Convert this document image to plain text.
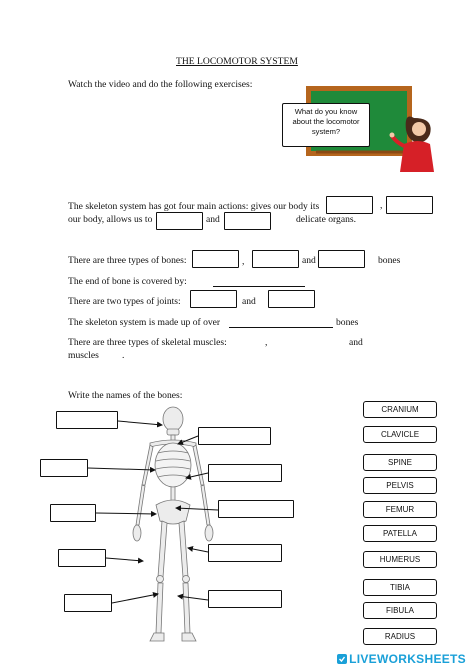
THE LOCOMOTOR SYSTEM
Watch the video and do the following exercises:
What do you know about the locomotor system?
The skeleton system has got four main actions: gives our body its	,
our body, allows us to	and	delicate organs.
There are three types of bones:	,	and	bones
The end of bone is covered by:
There are two types of joints:	and
The skeleton system is made up of over	bones
There are three types of skeletal muscles:	,	and
muscles .
Write the names of the bones:
CRANIUM
CLAVICLE
SPINE
PELVIS
FEMUR
PATELLA
HUMERUS
TIBIA
FIBULA
RADIUS
LIVEWORKSHEETS
